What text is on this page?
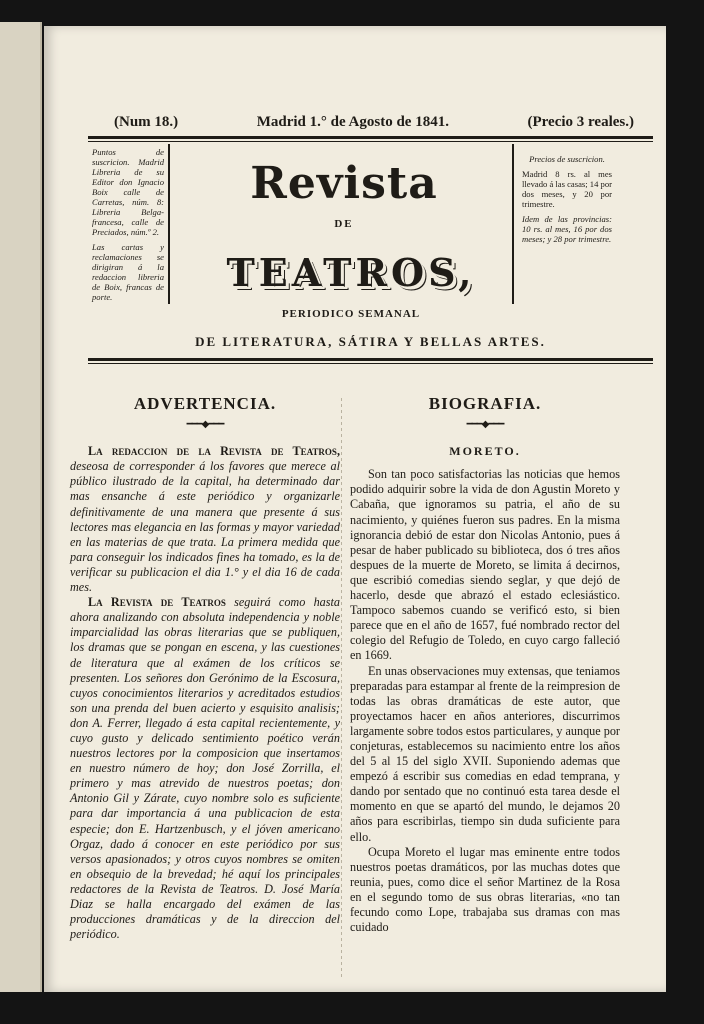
(Num 18.)	Madrid 1.° de Agosto de 1841.	(Precio 3 reales.)

Puntos de suscricion. Madrid Libreria de su Editor don Ignacio Boix calle de Carretas, núm. 8: Libreria Belga-francesa, calle de Preciados, núm.º 2.

Las cartas y reclamaciones se dirigiran á la redaccion libreria de Boix, francas de porte.

Precios de suscricion.

Madrid 8 rs. al mes llevado á las casas; 14 por dos meses, y 20 por trimestre.

Idem de las provincias: 10 rs. al mes, 16 por dos meses; y 28 por trimestre.

Revista
DE
TEATROS,
PERIODICO SEMANAL
DE LITERATURA, SÁTIRA Y BELLAS ARTES.
ADVERTENCIA.
━━━◆━━━

La redaccion de la Revista de Teatros, deseosa de corresponder á los favores que merece al público ilustrado de la capital, ha determinado dar mas ensanche á este periódico y organizarle definitivamente de una manera que presente á sus lectores mas elegancia en las formas y mayor variedad en las materias de que trata. La primera medida que para conseguir los indicados fines ha tomado, es la de verificar su publicacion el dia 1.° y el dia 16 de cada mes.

La Revista de Teatros seguirá como hasta ahora analizando con absoluta independencia y noble imparcialidad las obras literarias que se publiquen, los dramas que se pongan en escena, y las cuestiones de literatura que al exámen de los críticos se presenten. Los señores don Gerónimo de la Escosura, cuyos conocimientos literarios y acreditados estudios son una prenda del buen acierto y esquisito analisis; don A. Ferrer, llegado á esta capital recientemente, y cuyo gusto y delicado sentimiento poético verán nuestros lectores por la composicion que insertamos en nuestro número de hoy; don José Zorrilla, el primero y mas atrevido de nuestros poetas; don Antonio Gil y Zárate, cuyo nombre solo es suficiente para dar importancia á una publicacion de esta especie; don E. Hartzenbusch, y el jóven americano Orgaz, dado á conocer en este periódico por sus versos apasionados; y otros cuyos nombres se omiten en obsequio de la brevedad; hé aquí los principales redactores de la Revista de Teatros. D. José María Diaz se halla encargado del exámen de las producciones dramáticas y de la direccion del periódico.

BIOGRAFIA.
━━━◆━━━
MORETO.

Son tan poco satisfactorias las noticias que hemos podido adquirir sobre la vida de don Agustin Moreto y Cabaña, que ignoramos su patria, el año de su nacimiento, y quiénes fueron sus padres. En la misma ignorancia debió de estar don Nicolas Antonio, pues á pesar de haber publicado su biblioteca, dos ó tres años despues de la muerte de Moreto, se limita á decirnos, que escribió comedias siendo seglar, y que dejó de hacerlo, desde que abrazó el estado eclesiástico. Tampoco sabemos cuando se verificó esto, si bien parece que en el año de 1657, fué nombrado rector del colegio del Refugio de Toledo, en cuyo cargo falleció en 1669.

En unas observaciones muy extensas, que teniamos preparadas para estampar al frente de la reimpresion de todas las obras dramáticas de este autor, que proyectamos hacer en años anteriores, discurrimos largamente sobre todos estos particulares, y aunque por conjeturas, establecemos su nacimiento entre los años del 5 al 15 del siglo XVII. Suponiendo ademas que empezó á escribir sus comedias en edad temprana, y dando por sentado que no continuó esta tarea desde el momento en que se apartó del mundo, le dejamos 20 años para escribirlas, tiempo sin duda suficiente para ello.

Ocupa Moreto el lugar mas eminente entre todos nuestros poetas dramáticos, por las muchas dotes que reunia, pues, como dice el señor Martinez de la Rosa en el segundo tomo de sus obras literarias, «no tan fecundo como Lope, trabajaba sus dramas con mas cuidado
